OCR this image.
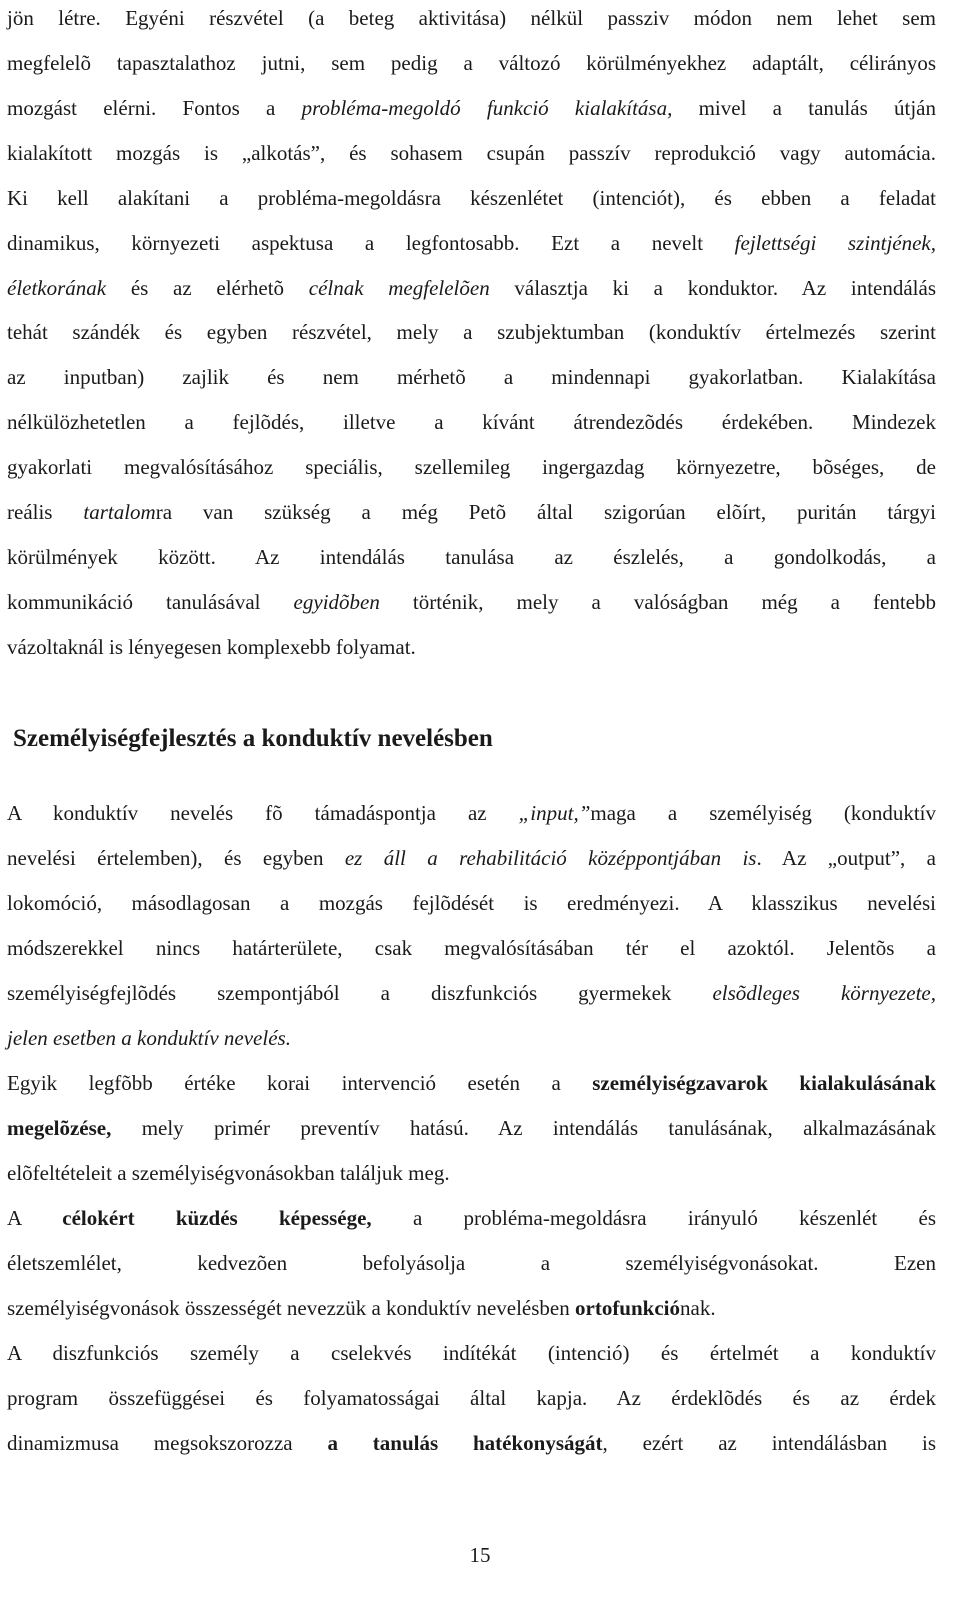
jön létre. Egyéni részvétel (a beteg aktivitása) nélkül passziv módon nem lehet sem
megfelelõ tapasztalathoz jutni, sem pedig a változó körülményekhez adaptált, célirányos
mozgást elérni. Fontos a probléma-megoldó funkció kialakítása, mivel a tanulás útján
kialakított mozgás is „alkotás”, és sohasem csupán passzív reprodukció vagy automácia.
Ki kell alakítani a probléma-megoldásra készenlétet (intenciót), és ebben a feladat
dinamikus, környezeti aspektusa a legfontosabb. Ezt a nevelt fejlettségi szintjének,
életkorának és az elérhetõ célnak megfelelõen választja ki a konduktor. Az intendálás
tehát szándék és egyben részvétel, mely a szubjektumban (konduktív értelmezés szerint
az inputban) zajlik és nem mérhetõ a mindennapi gyakorlatban. Kialakítása
nélkülözhetetlen a fejlõdés, illetve a kívánt átrendezõdés érdekében. Mindezek
gyakorlati megvalósításához speciális, szellemileg ingergazdag környezetre, bõséges, de
reális tartalomra van szükség a még Petõ által szigorúan elõírt, puritán tárgyi
körülmények között. Az intendálás tanulása az észlelés, a gondolkodás, a
kommunikáció tanulásával egyidõben történik, mely a valóságban még a fentebb
vázoltaknál is lényegesen komplexebb folyamat.
Személyiségfejlesztés a konduktív nevelésben
A konduktív nevelés fõ támadáspontja az „input,”maga a személyiség (konduktív
nevelési értelemben), és egyben ez áll a rehabilitáció középpontjában is. Az „output”, a
lokomóció, másodlagosan a mozgás fejlõdését is eredményezi. A klasszikus nevelési
módszerekkel nincs határterülete, csak megvalósításában tér el azoktól. Jelentõs a
személyiségfejlõdés szempontjából a diszfunkciós gyermekek elsõdleges környezete,
jelen esetben a konduktív nevelés.
Egyik legfõbb értéke korai intervenció esetén a személyiségzavarok kialakulásának
megelõzése, mely primér preventív hatású. Az intendálás tanulásának, alkalmazásának
elõfeltételeit a személyiségvonásokban találjuk meg.
A célokért küzdés képessége, a probléma-megoldásra irányuló készenlét és
életszemlélet, kedvezõen befolyásolja a személyiségvonásokat. Ezen
személyiségvonások összességét nevezzük a konduktív nevelésben ortofunkciónak.
A diszfunkciós személy a cselekvés indítékát (intenció) és értelmét a konduktív
program összefüggései és folyamatosságai által kapja. Az érdeklõdés és az érdek
dinamizmusa megsokszorozza a tanulás hatékonyságát, ezért az intendálásban is
15
